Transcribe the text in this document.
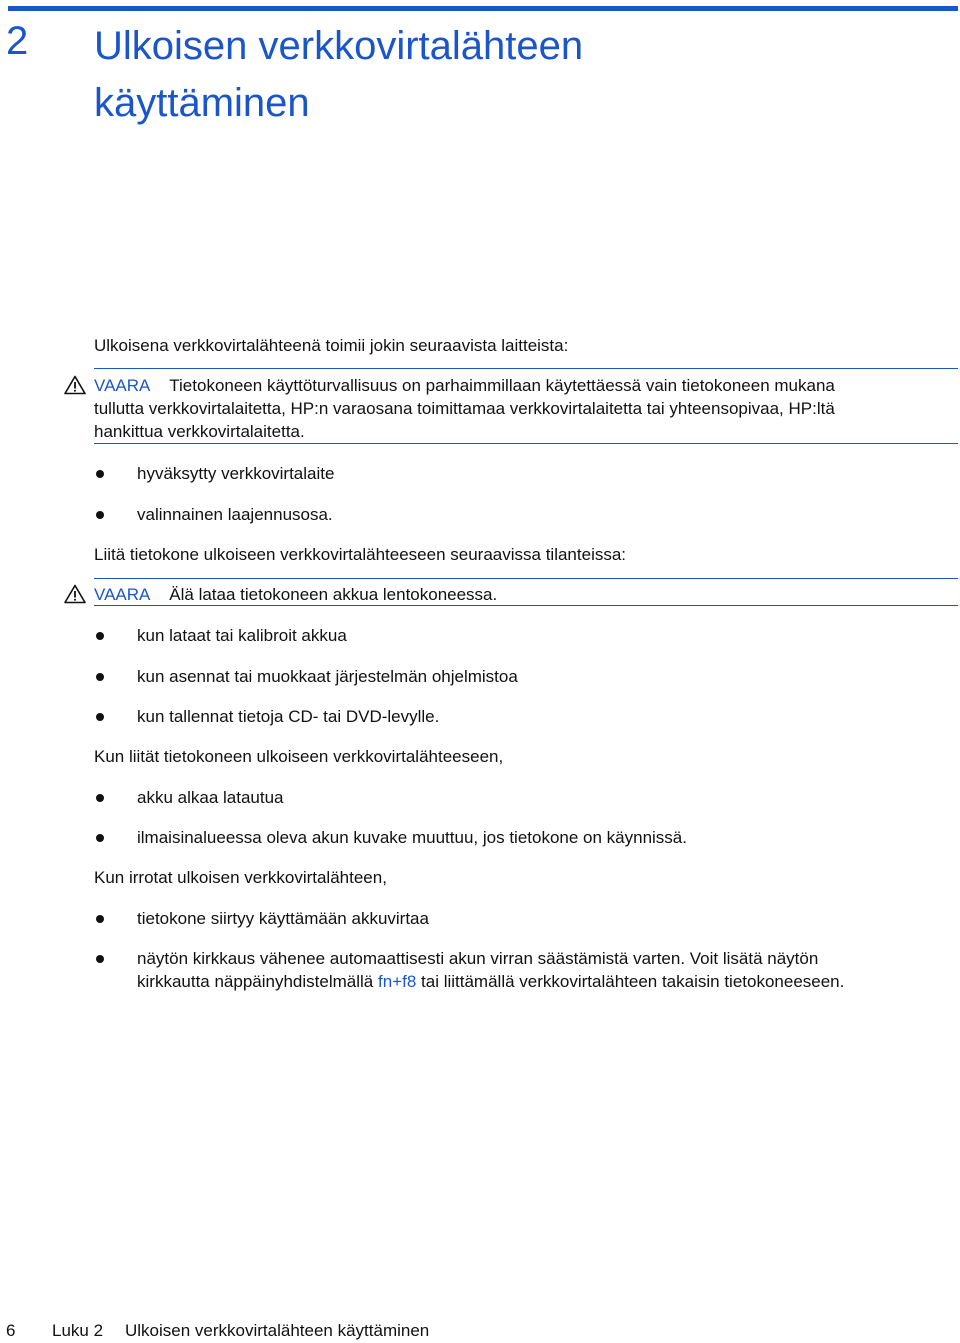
2 Ulkoisen verkkovirtalähteen
käyttäminen
Ulkoisena verkkovirtalähteenä toimii jokin seuraavista laitteista:
VAARA Tietokoneen käyttöturvallisuus on parhaimmillaan käytettäessä vain tietokoneen mukana
tullutta verkkovirtalaitetta, HP:n varaosana toimittamaa verkkovirtalaitetta tai yhteensopivaa, HP:ltä
hankittua verkkovirtalaitetta.
hyväksytty verkkovirtalaite
valinnainen laajennusosa.
Liitä tietokone ulkoiseen verkkovirtalähteeseen seuraavissa tilanteissa:
VAARA Älä lataa tietokoneen akkua lentokoneessa.
kun lataat tai kalibroit akkua
kun asennat tai muokkaat järjestelmän ohjelmistoa
kun tallennat tietoja CD- tai DVD-levylle.
Kun liität tietokoneen ulkoiseen verkkovirtalähteeseen,
akku alkaa latautua
ilmaisinalueessa oleva akun kuvake muuttuu, jos tietokone on käynnissä.
Kun irrotat ulkoisen verkkovirtalähteen,
tietokone siirtyy käyttämään akkuvirtaa
näytön kirkkaus vähenee automaattisesti akun virran säästämistä varten. Voit lisätä näytön
kirkkautta näppäinyhdistelmällä fn+f8 tai liittämällä verkkovirtalähteen takaisin tietokoneeseen.
6 Luku 2 Ulkoisen verkkovirtalähteen käyttäminen
